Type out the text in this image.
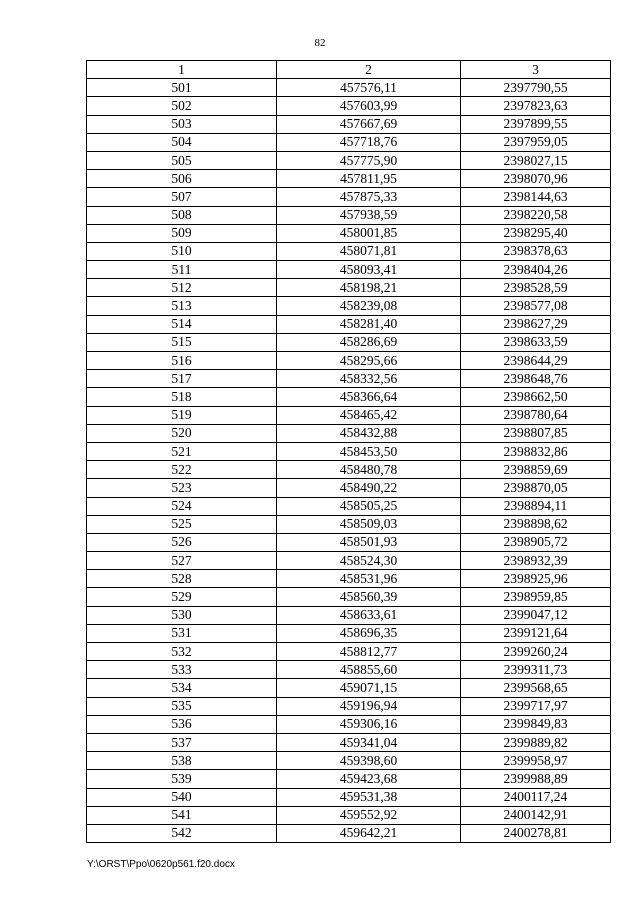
82
1	2	3
501	457576,11	2397790,55
502	457603,99	2397823,63
503	457667,69	2397899,55
504	457718,76	2397959,05
505	457775,90	2398027,15
506	457811,95	2398070,96
507	457875,33	2398144,63
508	457938,59	2398220,58
509	458001,85	2398295,40
510	458071,81	2398378,63
511	458093,41	2398404,26
512	458198,21	2398528,59
513	458239,08	2398577,08
514	458281,40	2398627,29
515	458286,69	2398633,59
516	458295,66	2398644,29
517	458332,56	2398648,76
518	458366,64	2398662,50
519	458465,42	2398780,64
520	458432,88	2398807,85
521	458453,50	2398832,86
522	458480,78	2398859,69
523	458490,22	2398870,05
524	458505,25	2398894,11
525	458509,03	2398898,62
526	458501,93	2398905,72
527	458524,30	2398932,39
528	458531,96	2398925,96
529	458560,39	2398959,85
530	458633,61	2399047,12
531	458696,35	2399121,64
532	458812,77	2399260,24
533	458855,60	2399311,73
534	459071,15	2399568,65
535	459196,94	2399717,97
536	459306,16	2399849,83
537	459341,04	2399889,82
538	459398,60	2399958,97
539	459423,68	2399988,89
540	459531,38	2400117,24
541	459552,92	2400142,91
542	459642,21	2400278,81
Y:\ORST\Ppo\0620p561.f20.docx
